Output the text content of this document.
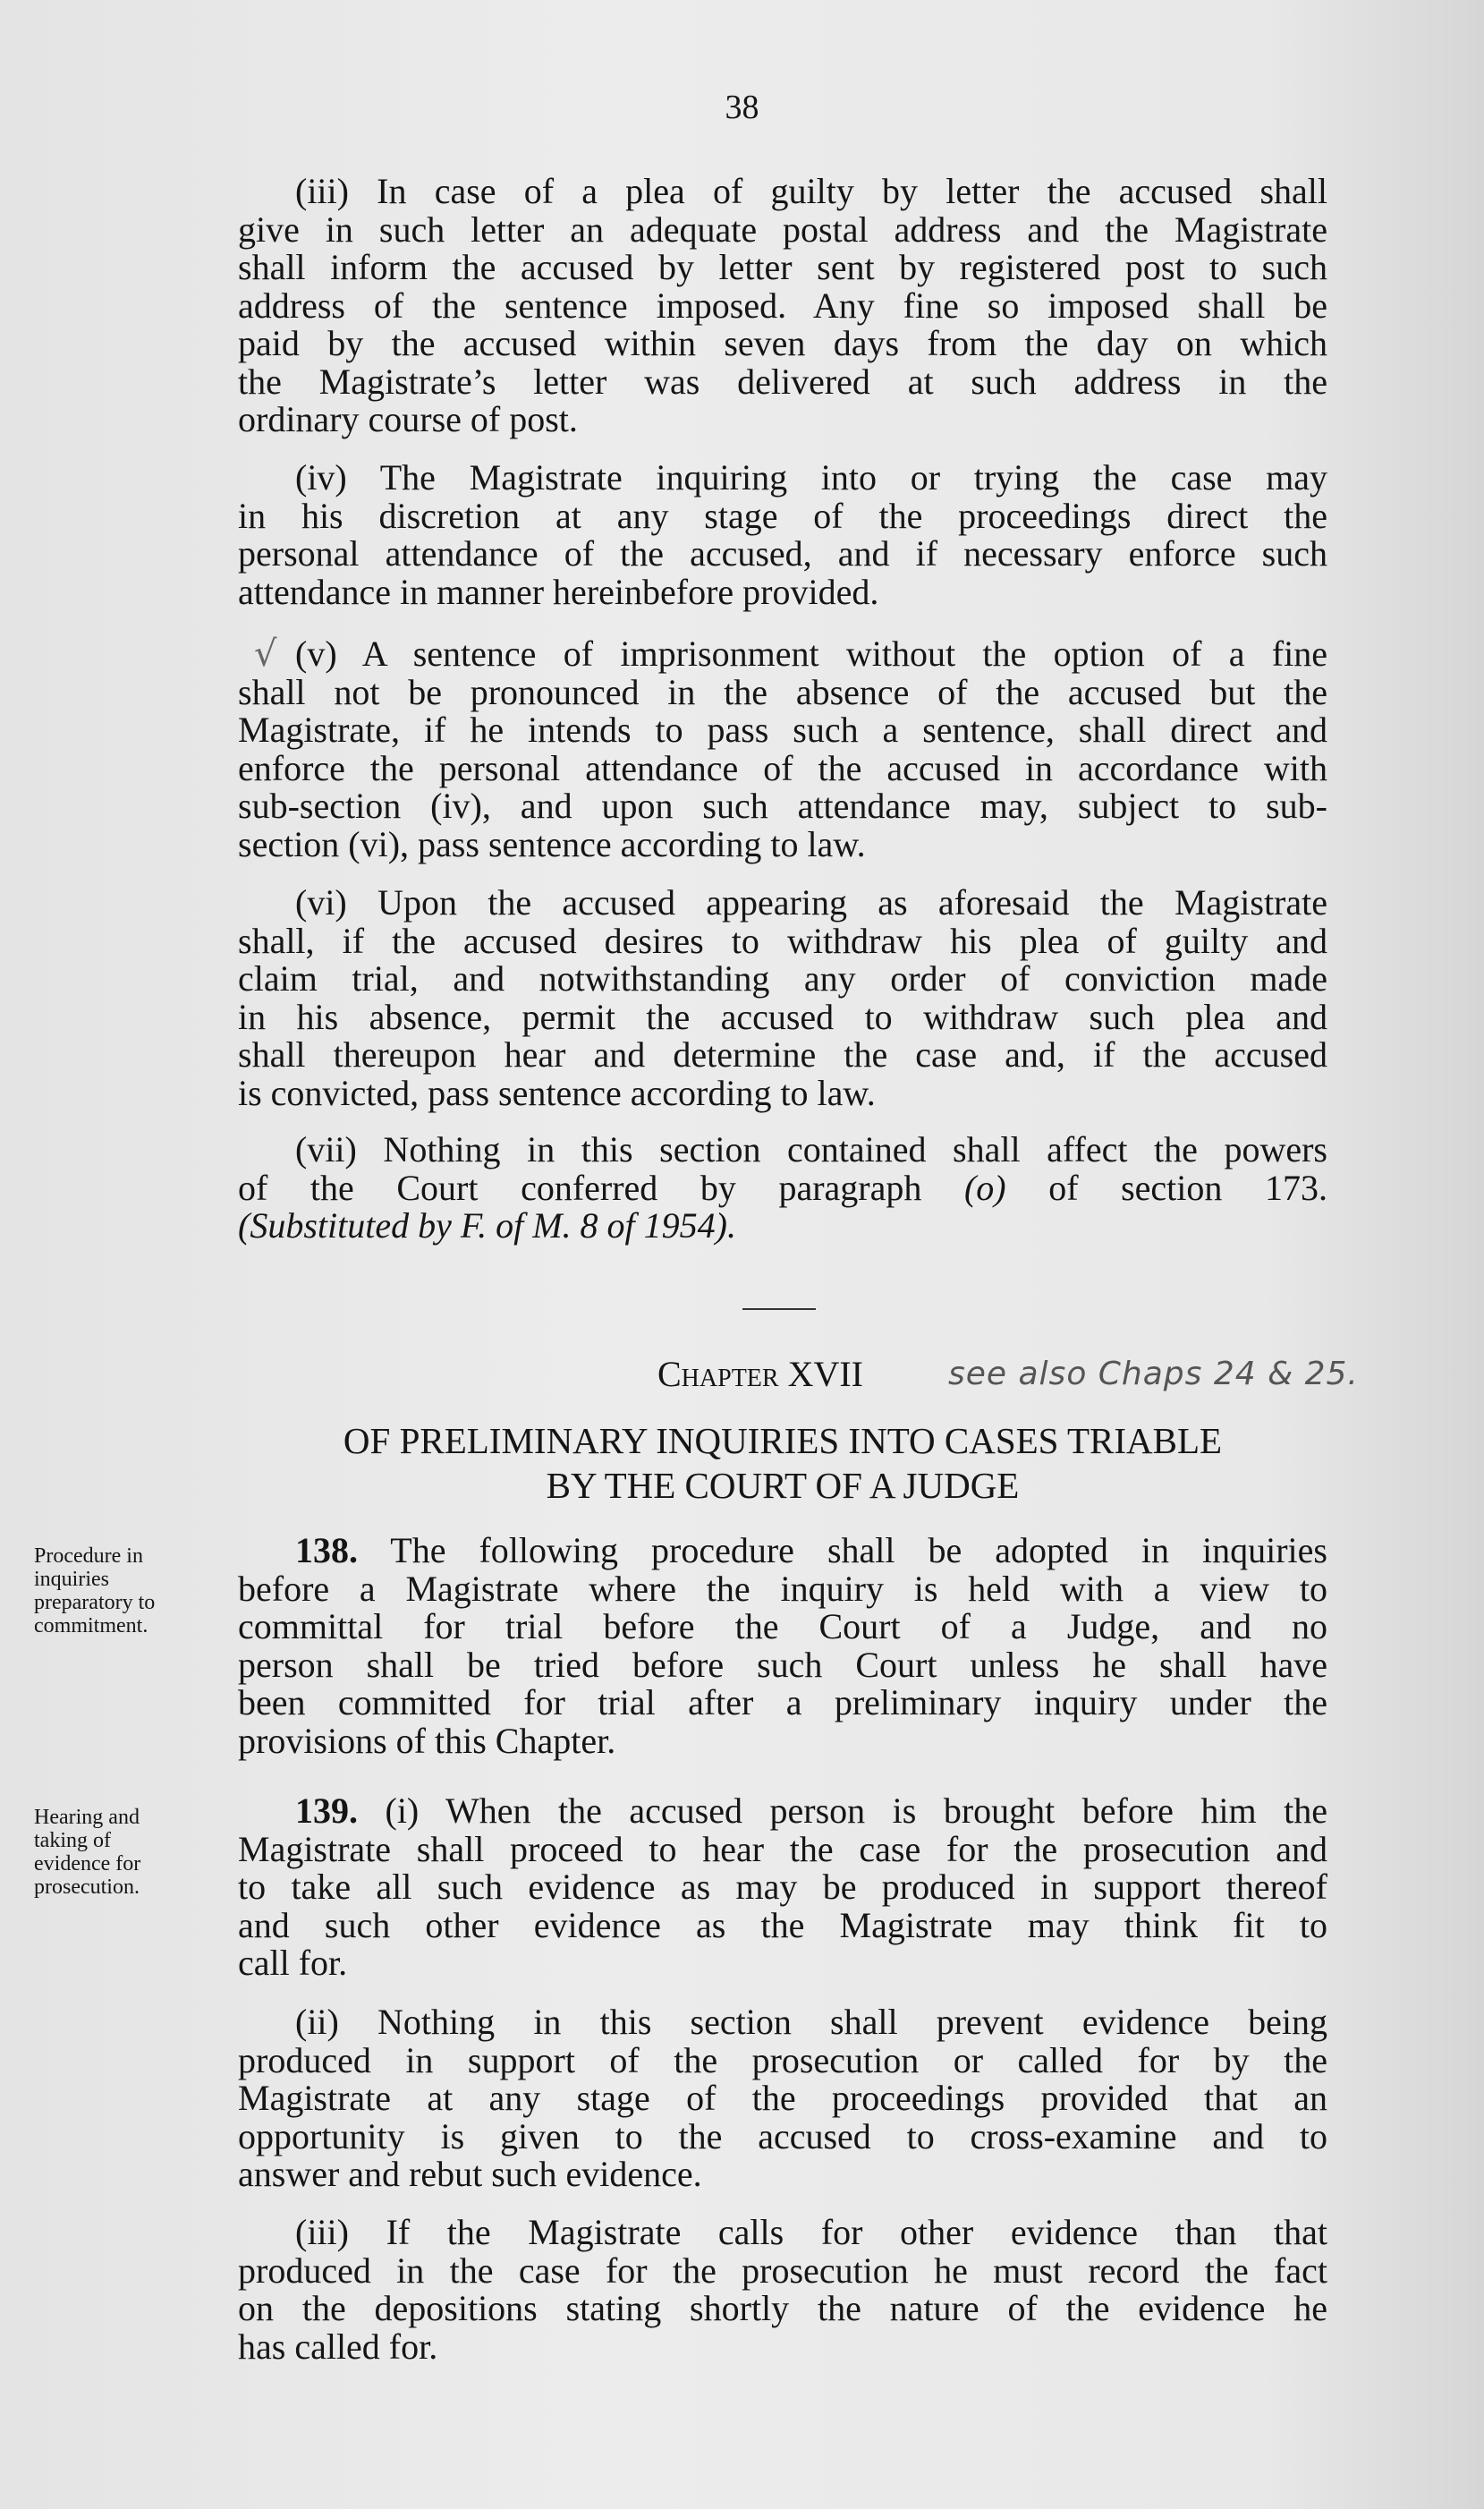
38
(iii) In case of a plea of guilty by letter the accused shall
give in such letter an adequate postal address and the Magistrate
shall inform the accused by letter sent by registered post to such
address of the sentence imposed. Any fine so imposed shall be
paid by the accused within seven days from the day on which
the Magistrate’s letter was delivered at such address in the
ordinary course of post.
(iv) The Magistrate inquiring into or trying the case may
in his discretion at any stage of the proceedings direct the
personal attendance of the accused, and if necessary enforce such
attendance in manner hereinbefore provided.
(v) A sentence of imprisonment without the option of a fine
shall not be pronounced in the absence of the accused but the
Magistrate, if he intends to pass such a sentence, shall direct and
enforce the personal attendance of the accused in accordance with
sub-section (iv), and upon such attendance may, subject to sub-
section (vi), pass sentence according to law.
(vi) Upon the accused appearing as aforesaid the Magistrate
shall, if the accused desires to withdraw his plea of guilty and
claim trial, and notwithstanding any order of conviction made
in his absence, permit the accused to withdraw such plea and
shall thereupon hear and determine the case and, if the accused
is convicted, pass sentence according to law.
(vii) Nothing in this section contained shall affect the powers
of the Court conferred by paragraph (o) of section 173.
(Substituted by F. of M. 8 of 1954).
138. The following procedure shall be adopted in inquiries
before a Magistrate where the inquiry is held with a view to
committal for trial before the Court of a Judge, and no
person shall be tried before such Court unless he shall have
been committed for trial after a preliminary inquiry under the
provisions of this Chapter.
139. (i) When the accused person is brought before him the
Magistrate shall proceed to hear the case for the prosecution and
to take all such evidence as may be produced in support thereof
and such other evidence as the Magistrate may think fit to
call for.
(ii) Nothing in this section shall prevent evidence being
produced in support of the prosecution or called for by the
Magistrate at any stage of the proceedings provided that an
opportunity is given to the accused to cross-examine and to
answer and rebut such evidence.
(iii) If the Magistrate calls for other evidence than that
produced in the case for the prosecution he must record the fact
on the depositions stating shortly the nature of the evidence he
has called for.
√
Chapter XVII	see also Chaps 24 & 25.
OF PRELIMINARY INQUIRIES INTO CASES TRIABLE
BY THE COURT OF A JUDGE
Procedure in inquiries preparatory to commitment.
Hearing and taking of evidence for prosecution.
